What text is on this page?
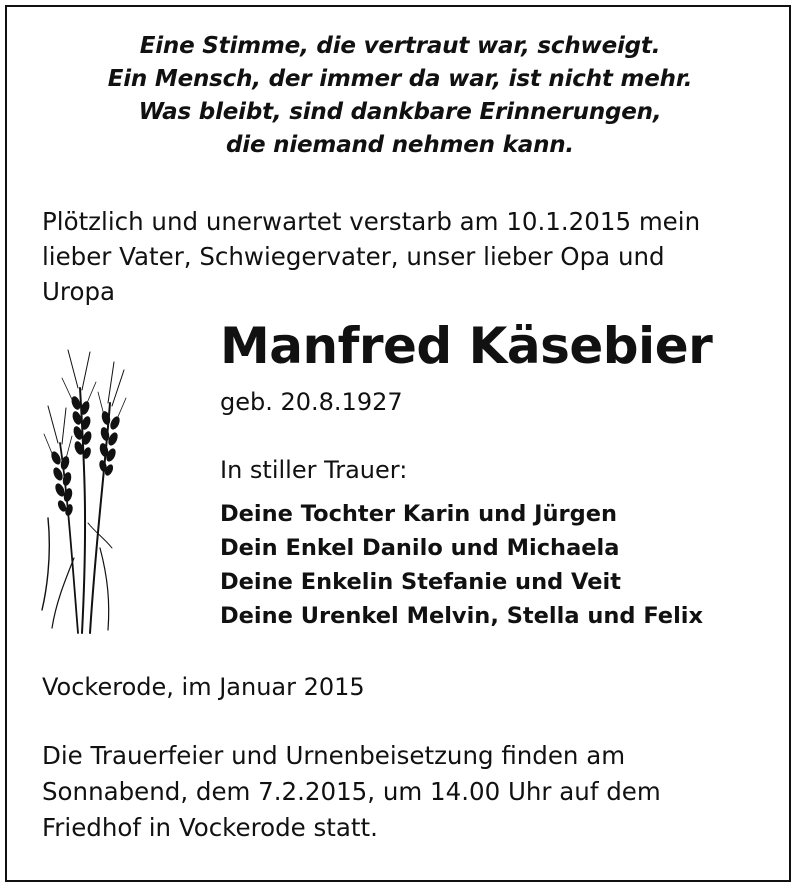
Eine Stimme, die vertraut war, schweigt.
Ein Mensch, der immer da war, ist nicht mehr.
Was bleibt, sind dankbare Erinnerungen,
die niemand nehmen kann.
Plötzlich und unerwartet verstarb am 10.1.2015 mein
lieber Vater, Schwiegervater, unser lieber Opa und
Uropa
Manfred Käsebier
geb. 20.8.1927
In stiller Trauer:
Deine Tochter Karin und Jürgen
Dein Enkel Danilo und Michaela
Deine Enkelin Stefanie und Veit
Deine Urenkel Melvin, Stella und Felix
Vockerode, im Januar 2015
Die Trauerfeier und Urnenbeisetzung finden am
Sonnabend, dem 7.2.2015, um 14.00 Uhr auf dem
Friedhof in Vockerode statt.
